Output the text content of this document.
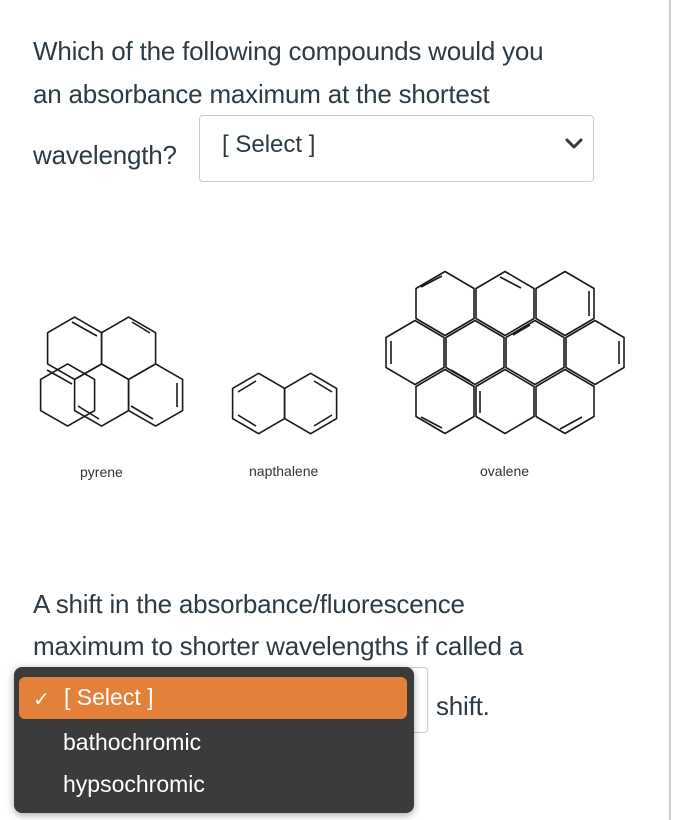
Which of the following compounds would you
an absorbance maximum at the shortest
wavelength? [ Select ]
pyrene	napthalene	ovalene
A shift in the absorbance/fluorescence
maximum to shorter wavelengths if called a
shift.
✓ [ Select ]
bathochromic
hypsochromic
